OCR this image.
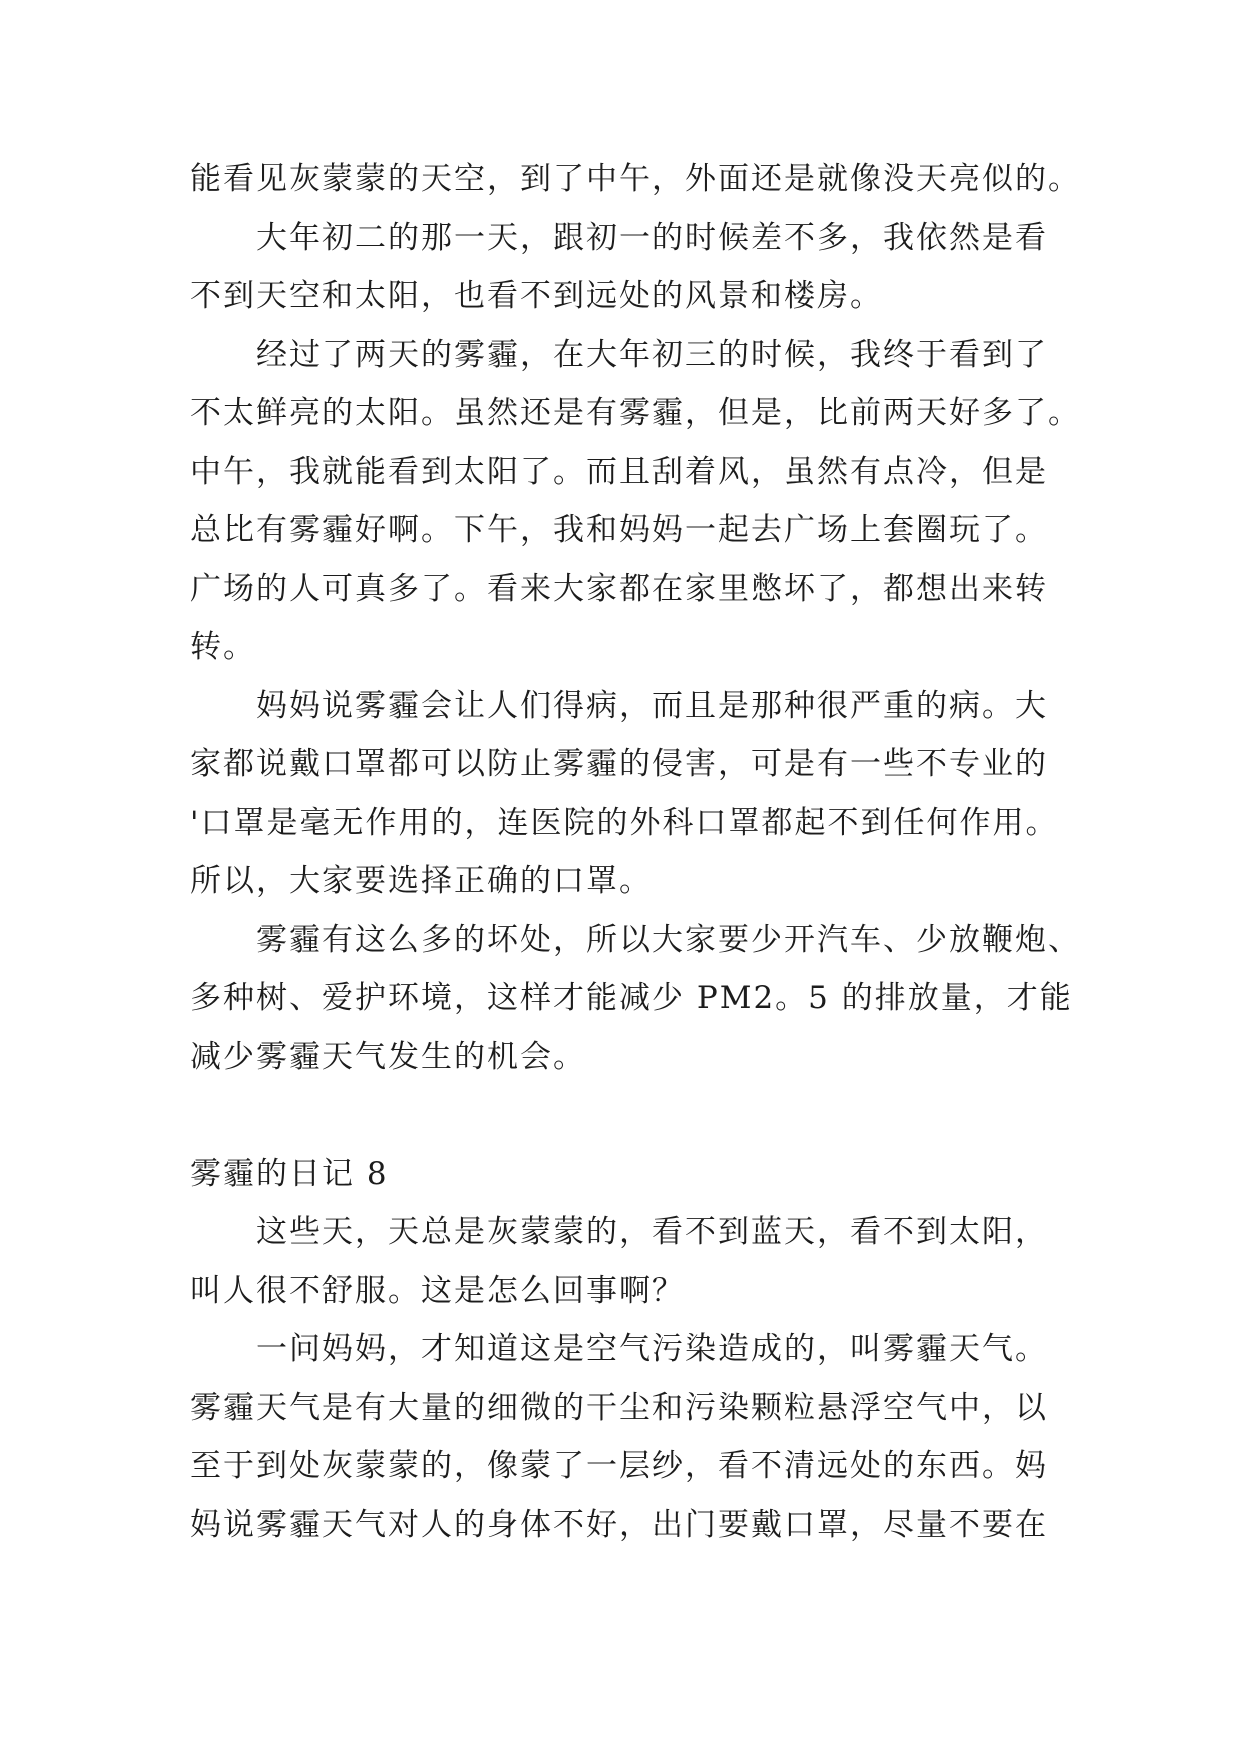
能看见灰蒙蒙的天空，到了中午，外面还是就像没天亮似的。
大年初二的那一天，跟初一的时候差不多，我依然是看
不到天空和太阳，也看不到远处的风景和楼房。
经过了两天的雾霾，在大年初三的时候，我终于看到了
不太鲜亮的太阳。虽然还是有雾霾，但是，比前两天好多了。
中午，我就能看到太阳了。而且刮着风，虽然有点冷，但是
总比有雾霾好啊。下午，我和妈妈一起去广场上套圈玩了。
广场的人可真多了。看来大家都在家里憋坏了，都想出来转
转。
妈妈说雾霾会让人们得病，而且是那种很严重的病。大
家都说戴口罩都可以防止雾霾的侵害，可是有一些不专业的
'口罩是毫无作用的，连医院的外科口罩都起不到任何作用。
所以，大家要选择正确的口罩。
雾霾有这么多的坏处，所以大家要少开汽车、少放鞭炮、
多种树、爱护环境，这样才能减少 PM2。5 的排放量，才能
减少雾霾天气发生的机会。
雾霾的日记 8
这些天，天总是灰蒙蒙的，看不到蓝天，看不到太阳，
叫人很不舒服。这是怎么回事啊？
一问妈妈，才知道这是空气污染造成的，叫雾霾天气。
雾霾天气是有大量的细微的干尘和污染颗粒悬浮空气中，以
至于到处灰蒙蒙的，像蒙了一层纱，看不清远处的东西。妈
妈说雾霾天气对人的身体不好，出门要戴口罩，尽量不要在
